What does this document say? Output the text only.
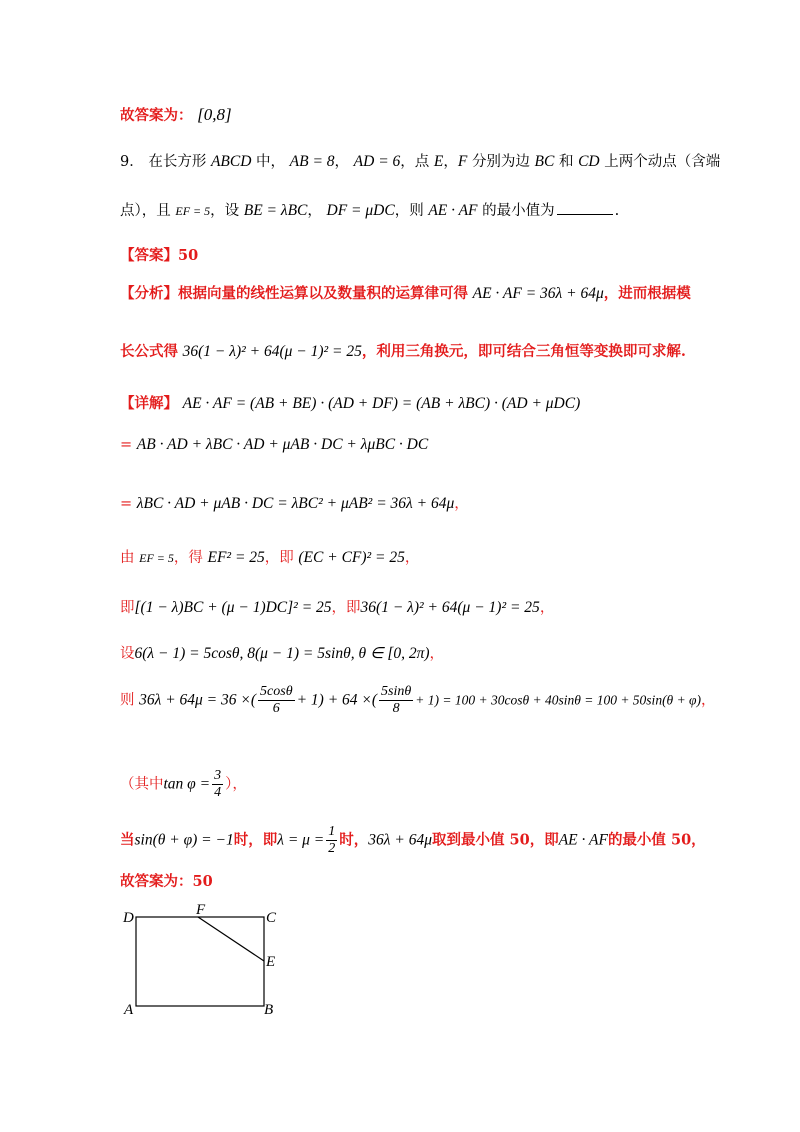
故答案为： [0,8]
9． 在长方形 ABCD 中， AB = 8， AD = 6，点 E，F 分别为边 BC 和 CD 上两个动点（含端
点），且 EF = 5，设 BE = λBC， DF = μDC，则 AE · AF 的最小值为	.
【答案】50
【分析】根据向量的线性运算以及数量积的运算律可得 AE · AF = 36λ + 64μ，进而根据模
长公式得 36(1 − λ)² + 64(μ − 1)² = 25，利用三角换元，即可结合三角恒等变换即可求解.
【详解】 AE · AF = (AB + BE) · (AD + DF) = (AB + λBC) · (AD + μDC)
= AB · AD + λBC · AD + μAB · DC + λμBC · DC
= λBC · AD + μAB · DC = λBC² + μAB² = 36λ + 64μ，
由 EF = 5，得 EF² = 25，即 (EC + CF)² = 25，
即[(1 − λ)BC + (μ − 1)DC]² = 25，即36(1 − λ)² + 64(μ − 1)² = 25，
设6(λ − 1) = 5cosθ, 8(μ − 1) = 5sinθ, θ ∈ [0, 2π)，
则 36λ + 64μ = 36 ×( $\frac{5\cos\theta}{6} + 1) + 64$ ×( $\frac{5\sin\theta}{8} + 1) = 100 + 30\cos\theta + 40\sin\theta = 100 + 50\sin(\theta + \varphi)$，
（其中$\tan \varphi = \frac{3}{4}$ ），
当sin(θ + φ) = −1时，即$\lambda = \mu = \frac{1}{2}$ 时，36λ + 64μ取到最小值 50，即AE · AF的最小值 50，
故答案为：50
D	F	C
E
A	B
